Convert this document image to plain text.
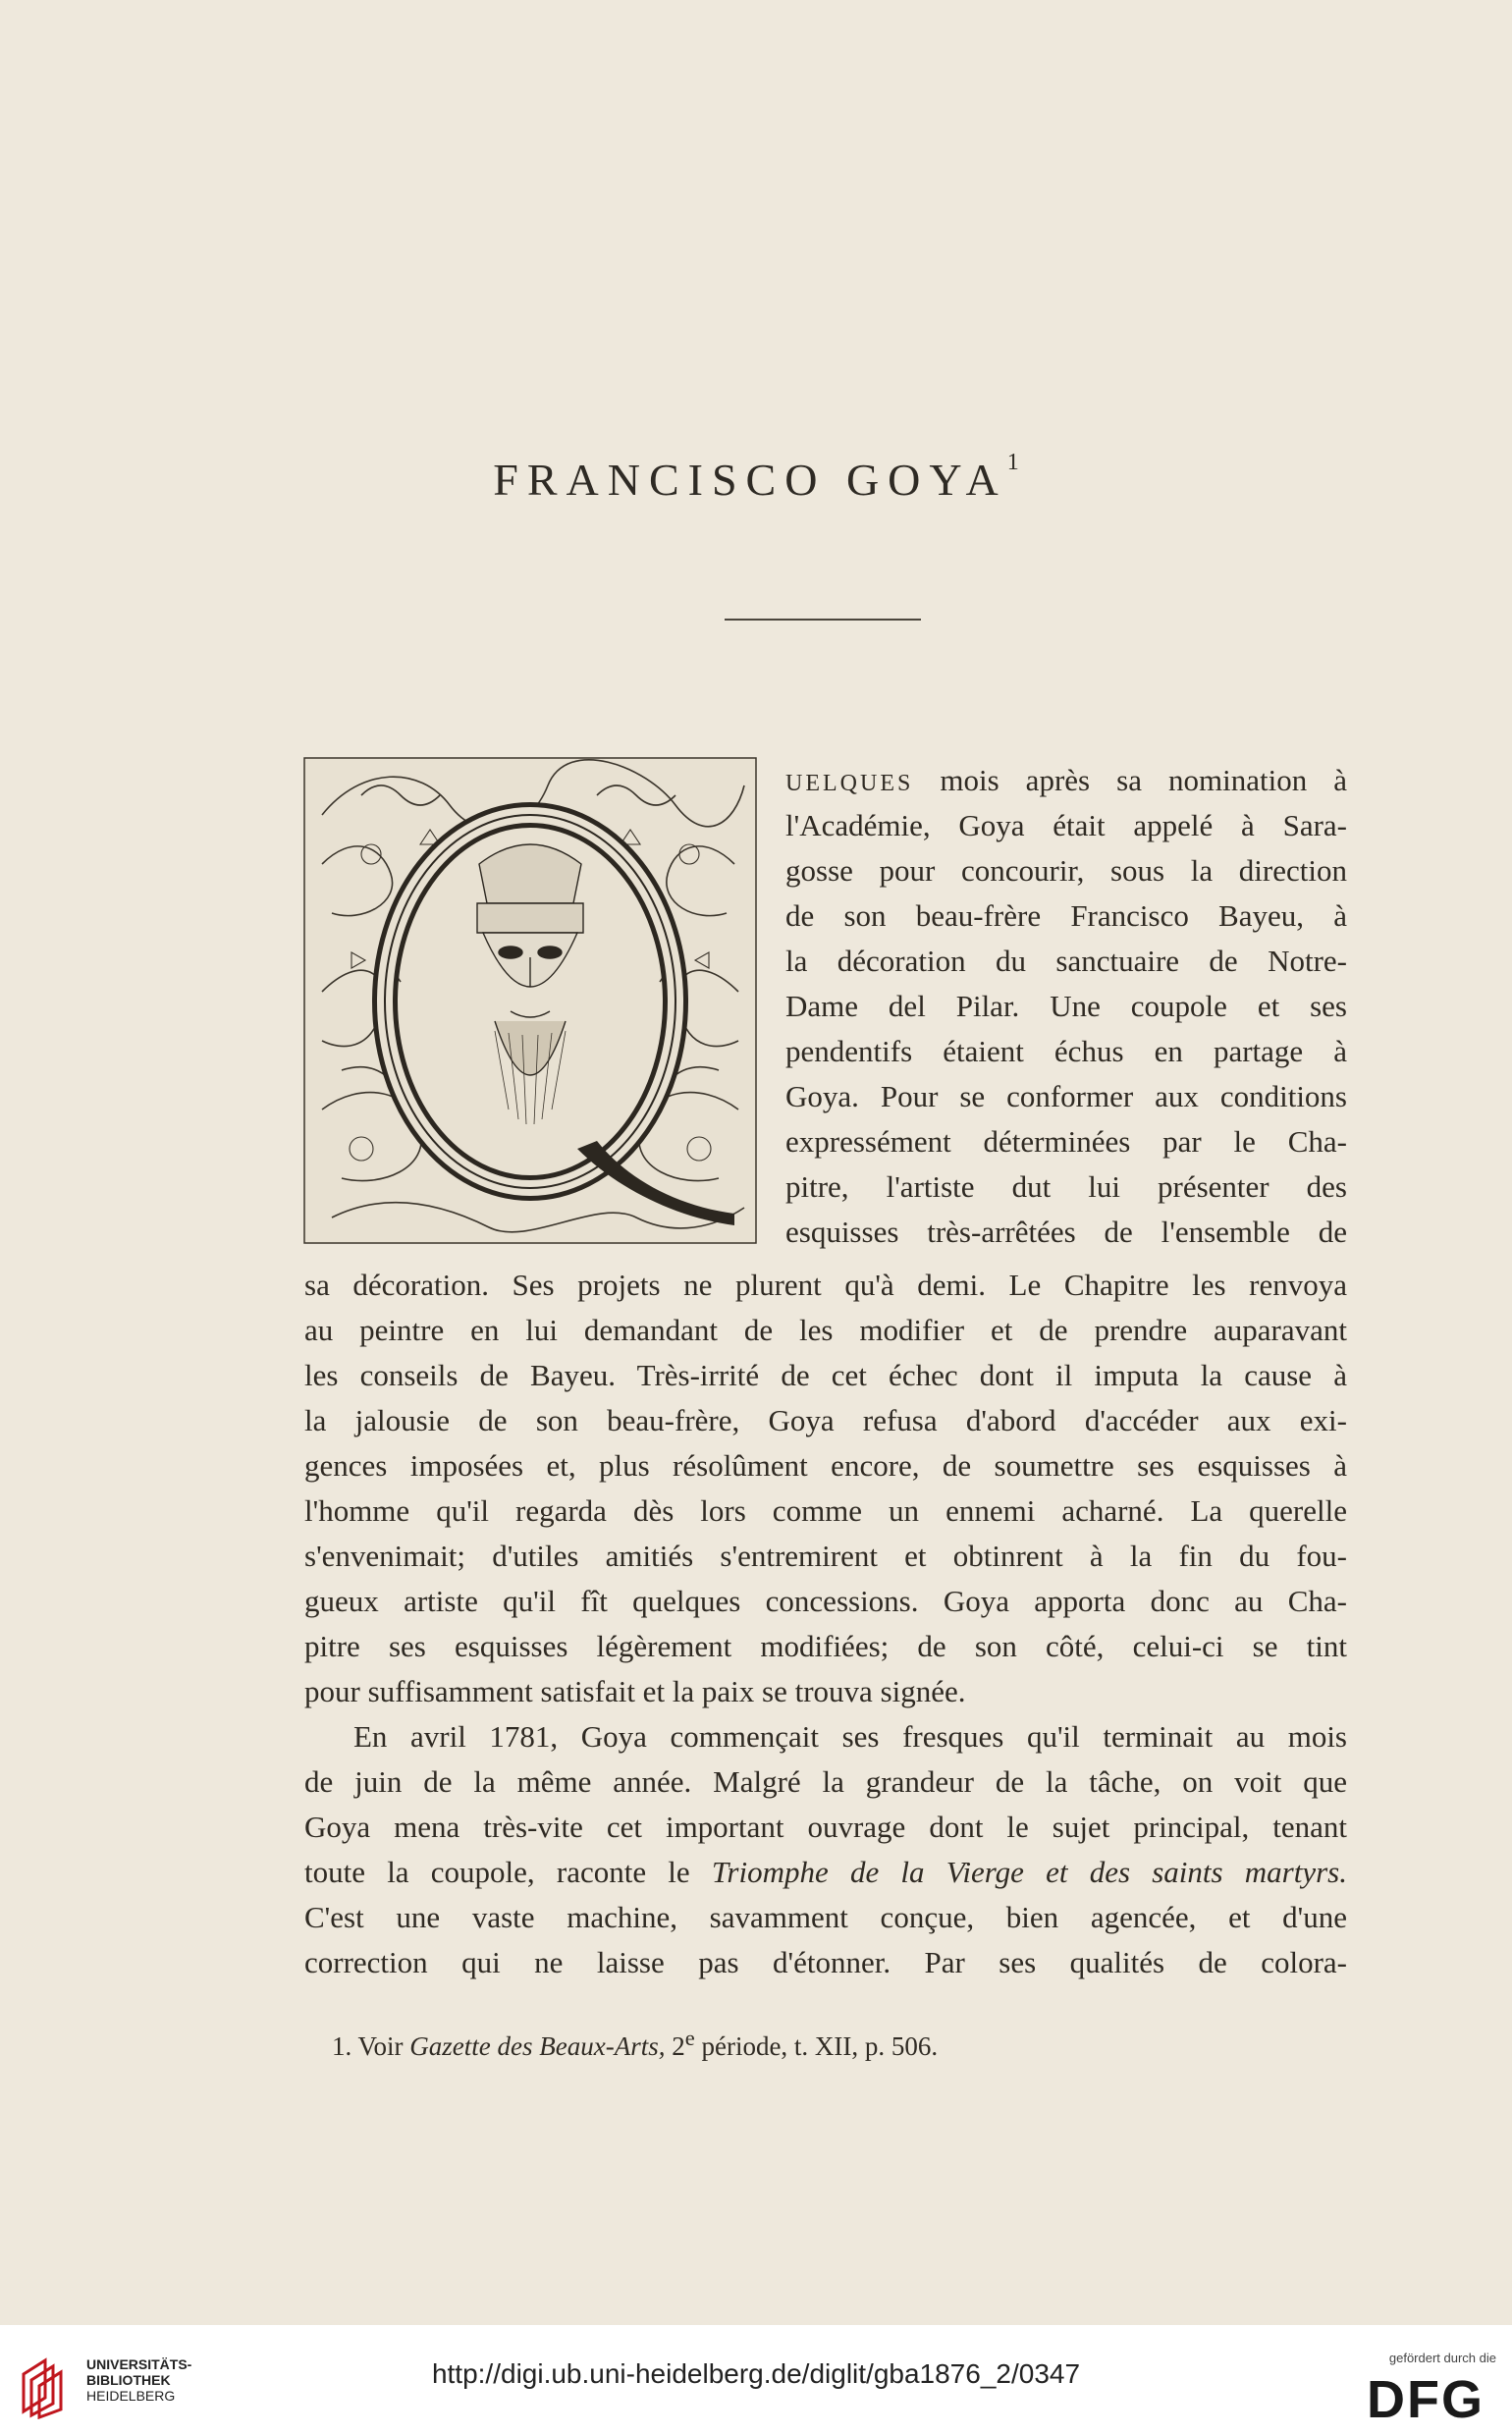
FRANCISCO GOYA$^1$
UELQUES mois après sa nomination à
l'Académie, Goya était appelé à Sara-
gosse pour concourir, sous la direction
de son beau-frère Francisco Bayeu, à
la décoration du sanctuaire de Notre-
Dame del Pilar. Une coupole et ses
pendentifs étaient échus en partage à
Goya. Pour se conformer aux conditions
expressément déterminées par le Cha-
pitre, l'artiste dut lui présenter des
esquisses très-arrêtées de l'ensemble de
sa décoration. Ses projets ne plurent qu'à demi. Le Chapitre les renvoya
au peintre en lui demandant de les modifier et de prendre auparavant
les conseils de Bayeu. Très-irrité de cet échec dont il imputa la cause à
la jalousie de son beau-frère, Goya refusa d'abord d'accéder aux exi-
gences imposées et, plus résolûment encore, de soumettre ses esquisses à
l'homme qu'il regarda dès lors comme un ennemi acharné. La querelle
s'envenimait; d'utiles amitiés s'entremirent et obtinrent à la fin du fou-
gueux artiste qu'il fît quelques concessions. Goya apporta donc au Cha-
pitre ses esquisses légèrement modifiées; de son côté, celui-ci se tint
pour suffisamment satisfait et la paix se trouva signée.
En avril 1781, Goya commençait ses fresques qu'il terminait au mois
de juin de la même année. Malgré la grandeur de la tâche, on voit que
Goya mena très-vite cet important ouvrage dont le sujet principal, tenant
toute la coupole, raconte le Triomphe de la Vierge et des saints martyrs.
C'est une vaste machine, savamment conçue, bien agencée, et d'une
correction qui ne laisse pas d'étonner. Par ses qualités de colora-
1. Voir Gazette des Beaux-Arts, 2e période, t. XII, p. 506.
UNIVERSITÄTS-
BIBLIOTHEK
HEIDELBERG
http://digi.ub.uni-heidelberg.de/diglit/gba1876_2/0347
gefördert durch die
DFG
